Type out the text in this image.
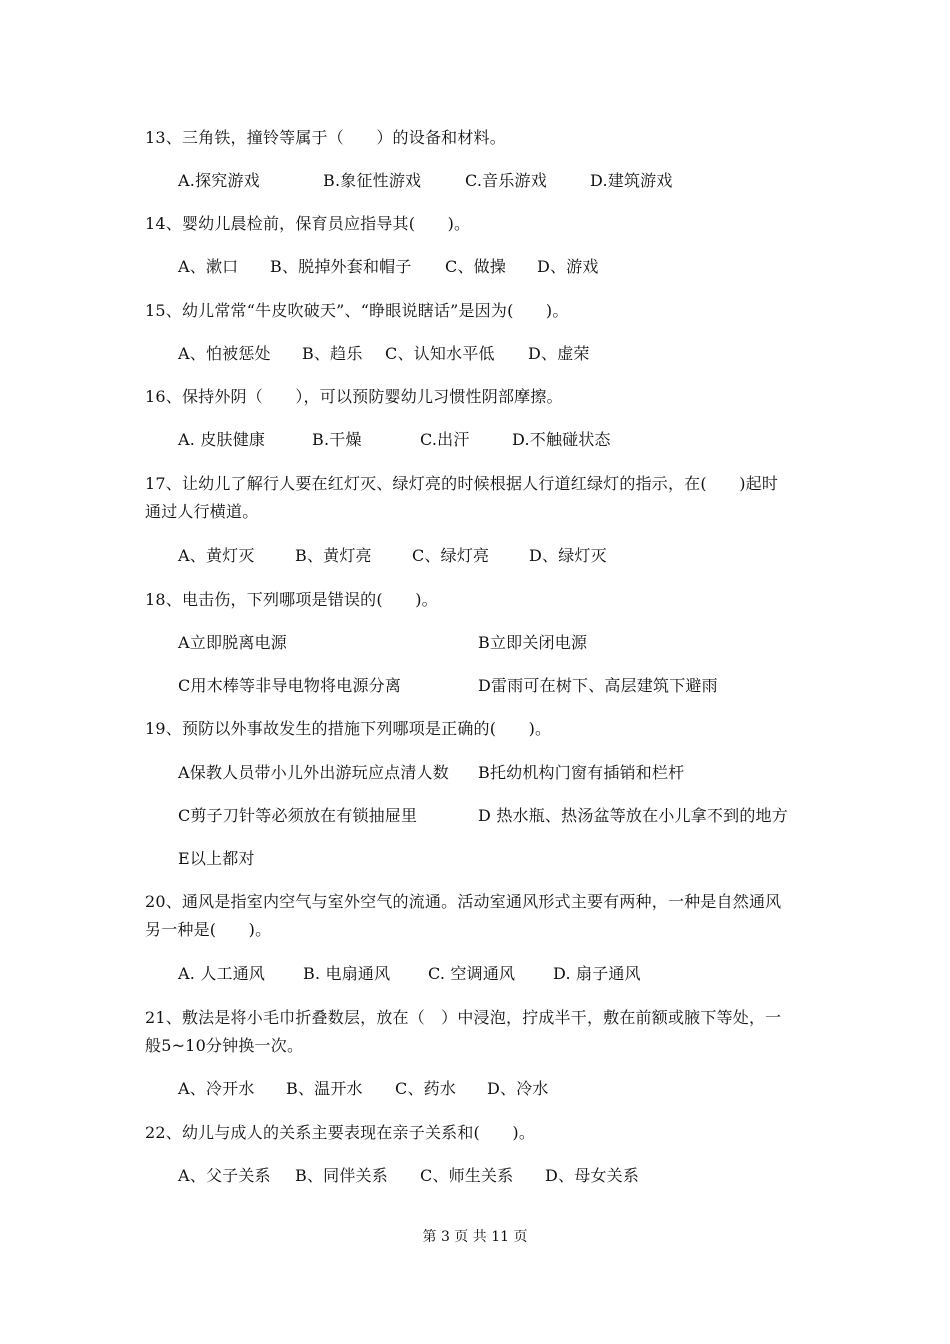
13、三角铁，撞铃等属于（　　）的设备和材料。
A.探究游戏	B.象征性游戏	C.音乐游戏	D.建筑游戏
14、婴幼儿晨检前，保育员应指导其(　　)。
A、漱口 B、脱掉外套和帽子 C、做操 D、游戏
15、幼儿常常“牛皮吹破天”、“睁眼说瞎话”是因为(　　)。
A、怕被惩处 B、趋乐 C、认知水平低 D、虚荣
16、保持外阴（　　），可以预防婴幼儿习惯性阴部摩擦。
A. 皮肤健康	B.干燥	C.出汗	D.不触碰状态
17、让幼儿了解行人要在红灯灭、绿灯亮的时候根据人行道红绿灯的指示，在(　　)起时
通过人行横道。
A、黄灯灭	B、黄灯亮	C、绿灯亮 D、绿灯灭
18、电击伤，下列哪项是错误的(　　)。
A立即脱离电源	B立即关闭电源
C用木棒等非导电物将电源分离	D雷雨可在树下、高层建筑下避雨
19、预防以外事故发生的措施下列哪项是正确的(　　)。
A保教人员带小儿外出游玩应点清人数 B托幼机构门窗有插销和栏杆
C剪子刀针等必须放在有锁抽屉里	D 热水瓶、热汤盆等放在小儿拿不到的地方
E以上都对
20、通风是指室内空气与室外空气的流通。活动室通风形式主要有两种，一种是自然通风
另一种是(　　)。
A. 人工通风 B. 电扇通风 C. 空调通风 D. 扇子通风
21、敷法是将小毛巾折叠数层，放在（　）中浸泡，拧成半干，敷在前额或腋下等处，一
般5~10分钟换一次。
A、冷开水 B、温开水 C、药水 D、冷水
22、幼儿与成人的关系主要表现在亲子关系和(　　)。
A、父子关系 B、同伴关系 C、师生关系 D、母女关系
第 3 页 共 11 页
